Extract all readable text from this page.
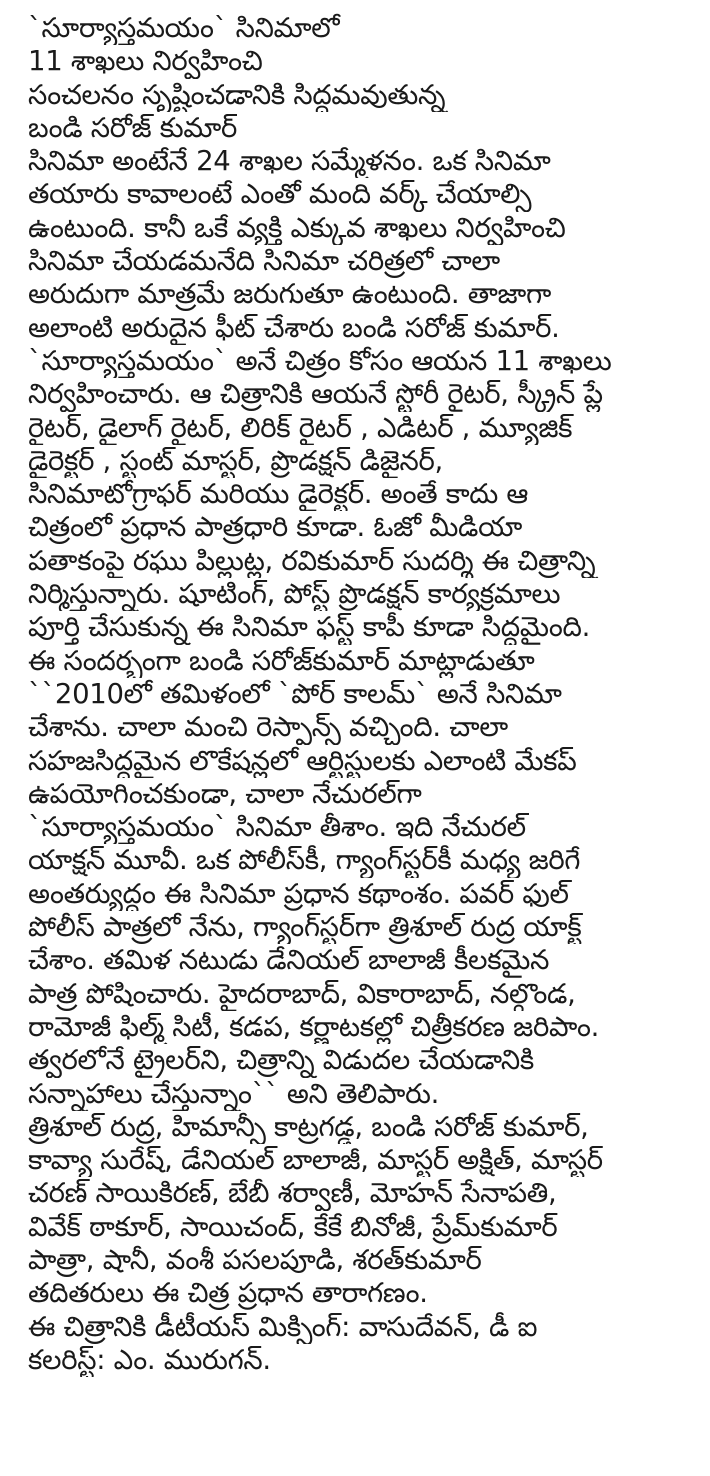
`సూర్యాస్తమయం` సినిమాలో
11 శాఖలు నిర్వహించి
సంచలనం సృష్టించడానికి సిద్ధమవుతున్న
బండి సరోజ్ కుమార్
సినిమా అంటేనే 24 శాఖల సమ్మేళనం. ఒక సినిమా
తయారు కావాలంటే ఎంతో మంది వర్క్ చేయాల్సి
ఉంటుంది. కానీ ఒకే వ్యక్తి ఎక్కువ శాఖలు నిర్వహించి
సినిమా చేయడమనేది సినిమా చరిత్రలో చాలా
అరుదుగా మాత్రమే జరుగుతూ ఉంటుంది. తాజాగా
అలాంటి అరుదైన ఫీట్ చేశారు బండి సరోజ్ కుమార్.
`సూర్యాస్తమయం` అనే చిత్రం కోసం ఆయన 11 శాఖలు
నిర్వహించారు. ఆ చిత్రానికి ఆయనే స్టోరీ రైటర్, స్క్రీన్ ప్లే
రైటర్, డైలాగ్ రైటర్, లిరిక్ రైటర్ , ఎడిటర్ , మ్యూజిక్
డైరెక్టర్ , స్టంట్ మాస్టర్, ప్రొడక్షన్ డిజైనర్,
సినిమాటోగ్రాఫర్ మరియు డైరెక్టర్. అంతే కాదు ఆ
చిత్రంలో ప్రధాన పాత్రధారి కూడా. ఓజో మీడియా
పతాకంపై రఘు పిల్లుట్ల, రవికుమార్ సుదర్శి ఈ చిత్రాన్ని
నిర్మిస్తున్నారు. షూటింగ్, పోస్ట్ ప్రొడక్షన్ కార్యక్రమాలు
పూర్తి చేసుకున్న ఈ సినిమా ఫస్ట్ కాపీ కూడా సిద్ధమైంది.
ఈ సందర్భంగా బండి సరోజ్‌కుమార్ మాట్లాడుతూ
``2010లో తమిళంలో `పోర్ కాలమ్` అనే సినిమా
చేశాను. చాలా మంచి రెస్పాన్స్ వచ్చింది. చాలా
సహజసిద్ధమైన లొకేషన్లలో ఆర్టిస్టులకు ఎలాంటి మేకప్
ఉపయోగించకుండా, చాలా నేచురల్‌గా
`సూర్యాస్తమయం` సినిమా తీశాం. ఇది నేచురల్
యాక్షన్ మూవీ. ఒక పోలీస్‌కీ, గ్యాంగ్‌స్టర్‌కీ మధ్య జరిగే
అంతర్యుద్ధం ఈ సినిమా ప్రధాన కథాంశం. పవర్ ఫుల్
పోలీస్ పాత్రలో నేను, గ్యాంగ్‌స్టర్‌గా త్రిశూల్ రుద్ర యాక్ట్
చేశాం. తమిళ నటుడు డేనియల్ బాలాజీ కీలకమైన
పాత్ర పోషించారు. హైదరాబాద్, వికారాబాద్, నల్గొండ,
రామోజీ ఫిల్మ్ సిటీ, కడప, కర్ణాటకల్లో చిత్రీకరణ జరిపాం.
త్వరలోనే ట్రైలర్‌ని, చిత్రాన్ని విడుదల చేయడానికి
సన్నాహాలు చేస్తున్నాం`` అని తెలిపారు.
త్రిశూల్ రుద్ర, హిమాన్సీ కాట్రగడ్డ, బండి సరోజ్ కుమార్,
కావ్యా సురేష్, డేనియల్ బాలాజీ, మాస్టర్ అక్షిత్, మాస్టర్
చరణ్ సాయికిరణ్, బేబీ శర్వాణీ, మోహన్ సేనాపతి,
వివేక్ ఠాకూర్, సాయిచంద్, కేకే బినోజీ, ప్రేమ్‌కుమార్
పాత్రా, షానీ, వంశీ పసలపూడి, శరత్‌కుమార్
తదితరులు ఈ చిత్ర ప్రధాన తారాగణం.
ఈ చిత్రానికి డీటీయస్ మిక్సింగ్: వాసుదేవన్, డీ ఐ
కలరిస్ట్: ఎం. మురుగన్.
